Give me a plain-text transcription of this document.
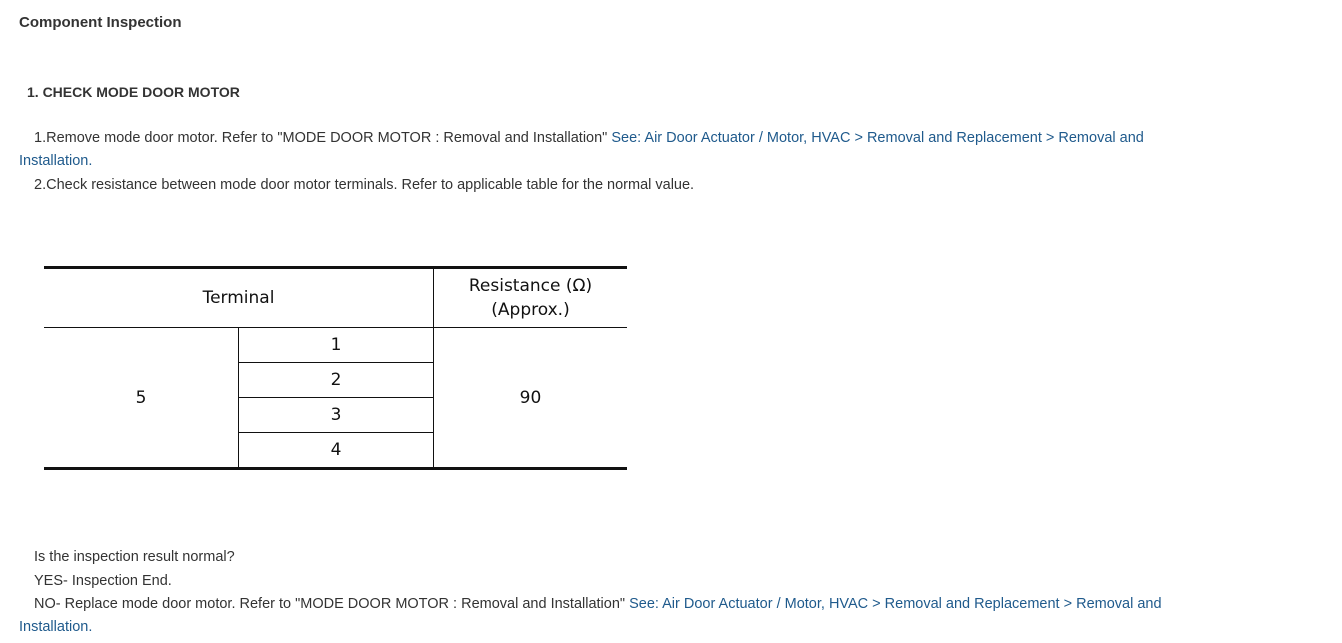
Component Inspection
1. CHECK MODE DOOR MOTOR
1.Remove mode door motor. Refer to "MODE DOOR MOTOR : Removal and Installation" See: Air Door Actuator / Motor, HVAC > Removal and Replacement > Removal and Installation.
2.Check resistance between mode door motor terminals. Refer to applicable table for the normal value.
Terminal		Resistance (Ω)
(Approx.)

5	1	90
	2	
	3	
	4	
Is the inspection result normal?
YES- Inspection End.
NO- Replace mode door motor. Refer to "MODE DOOR MOTOR : Removal and Installation" See: Air Door Actuator / Motor, HVAC > Removal and Replacement > Removal and Installation.
